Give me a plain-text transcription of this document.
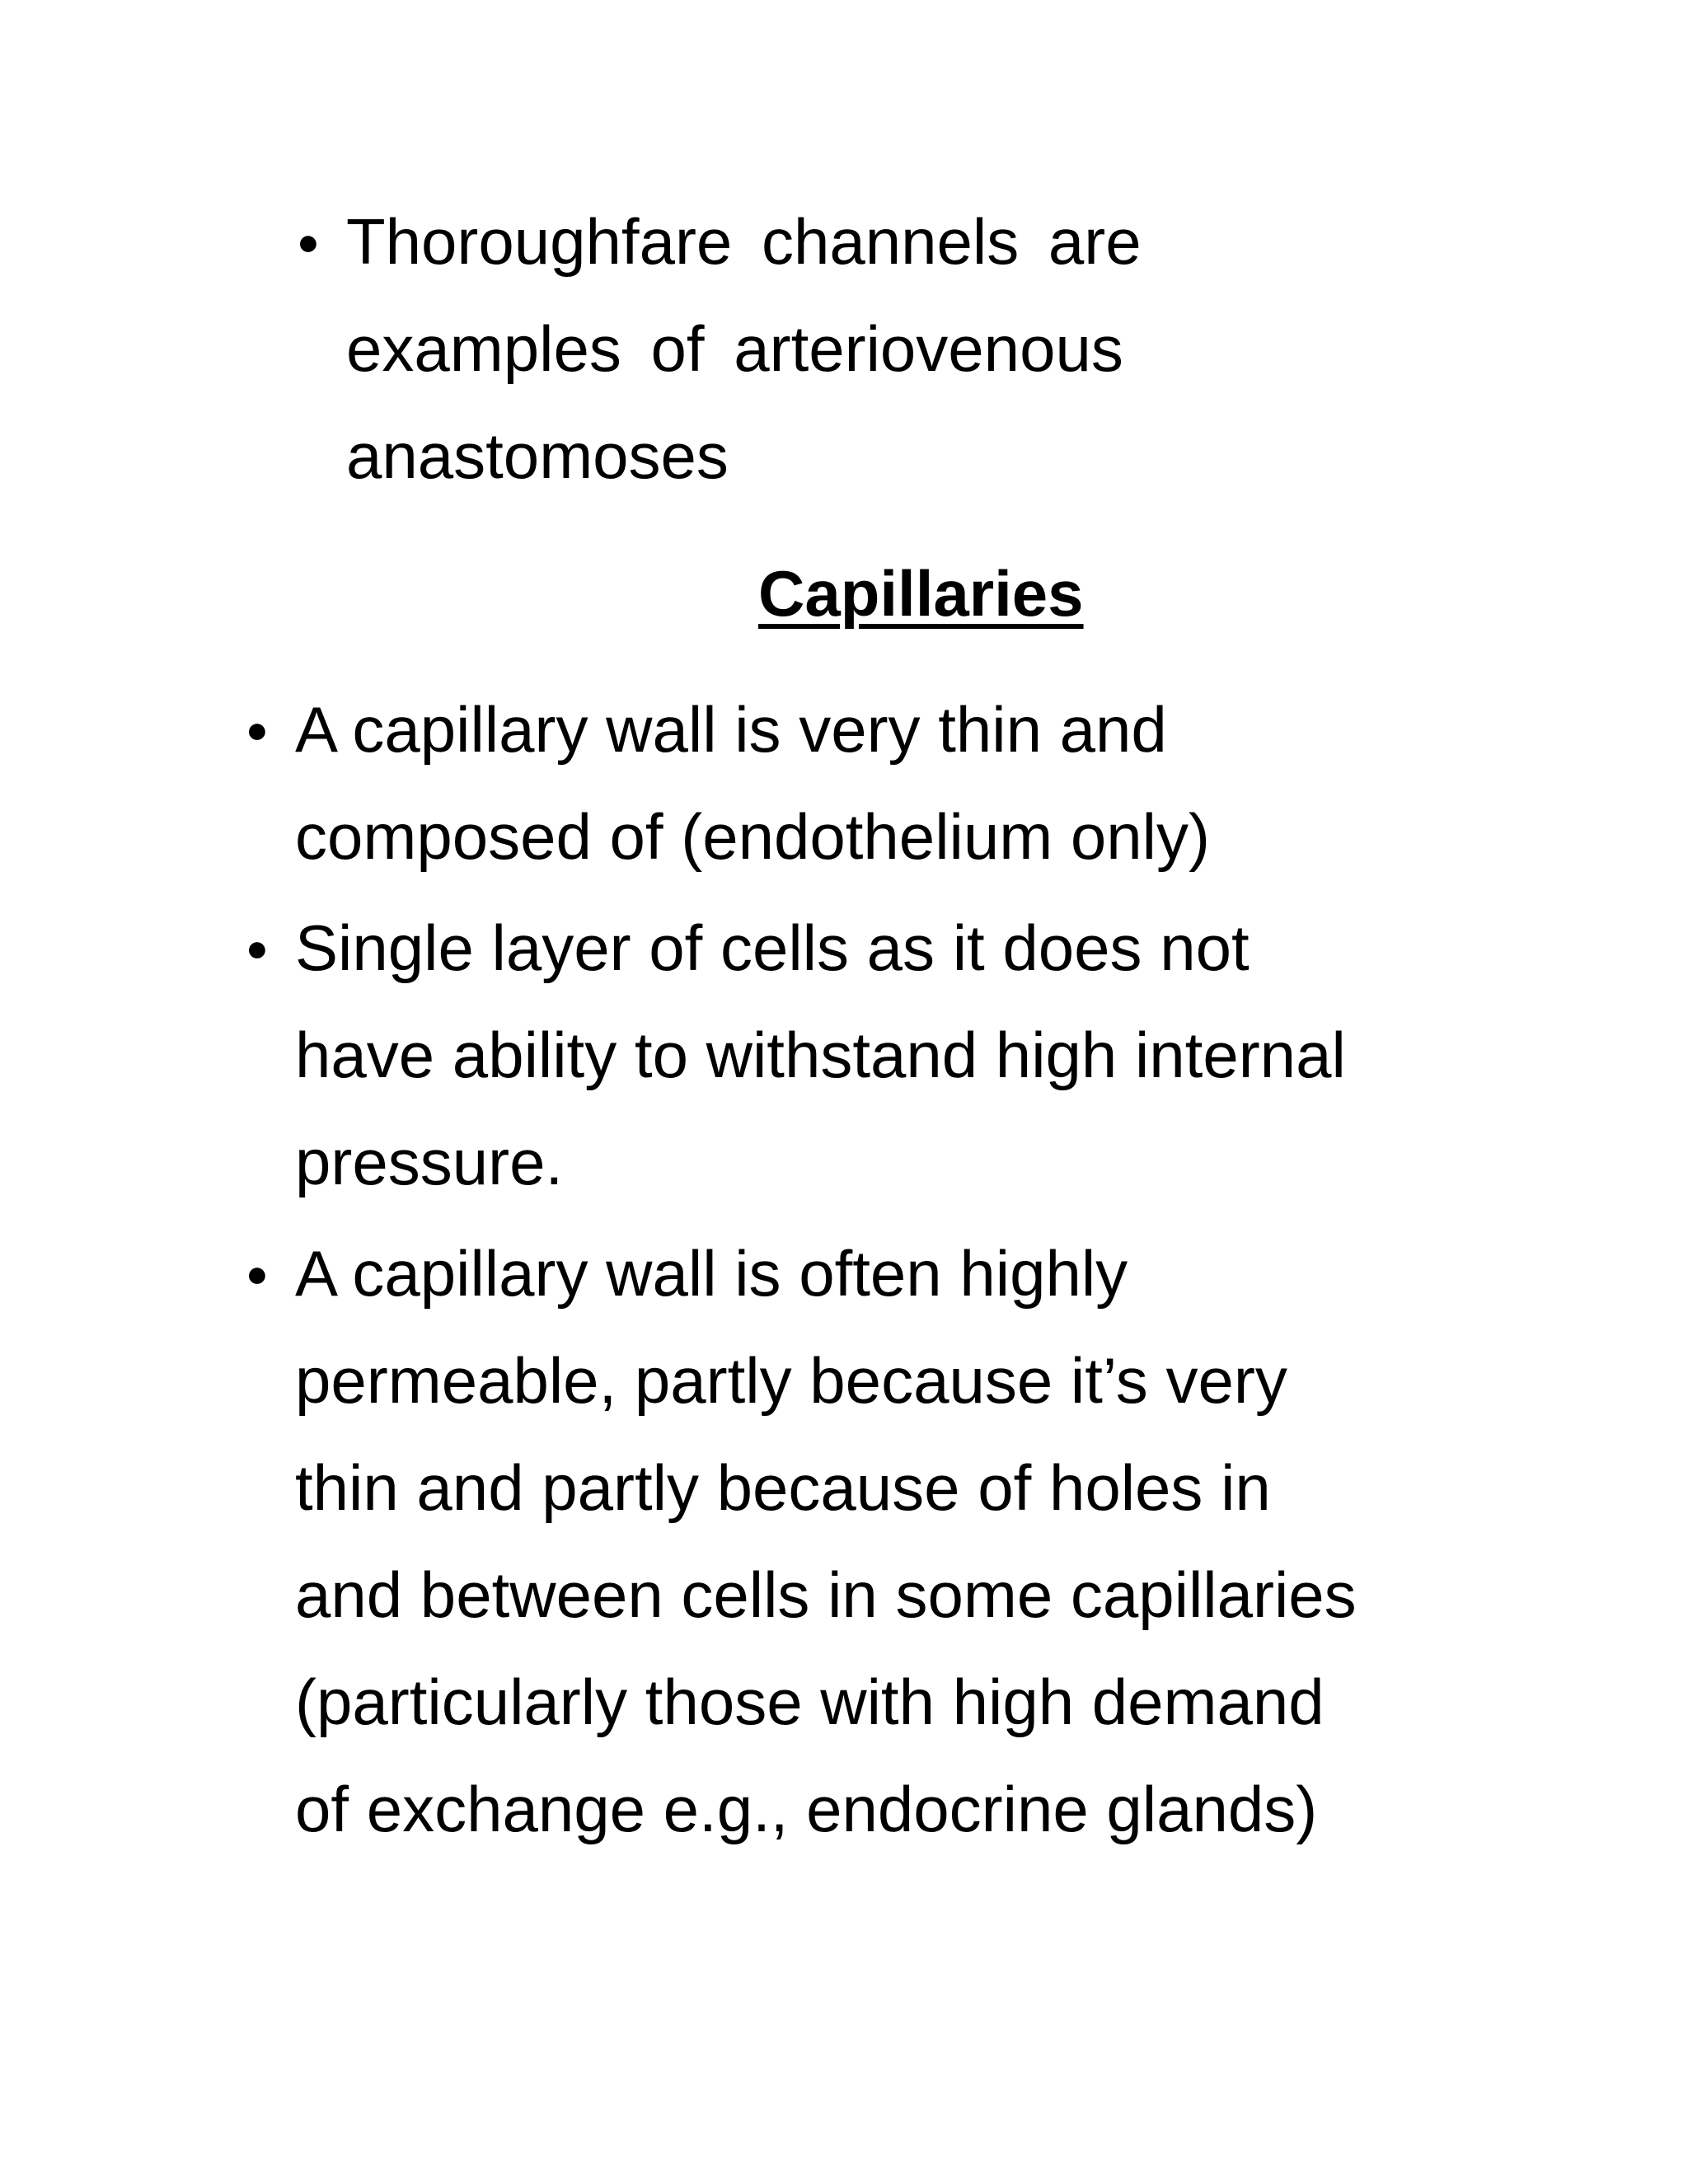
● Thoroughfare channels are
examples of arteriovenous
anastomoses
Capillaries
● A capillary wall is very thin and
composed of (endothelium only)
● Single layer of cells as it does not
have ability to withstand high internal
pressure.
● A capillary wall is often highly
permeable, partly because it’s very
thin and partly because of holes in
and between cells in some capillaries
(particularly those with high demand
of exchange e.g., endocrine glands)
